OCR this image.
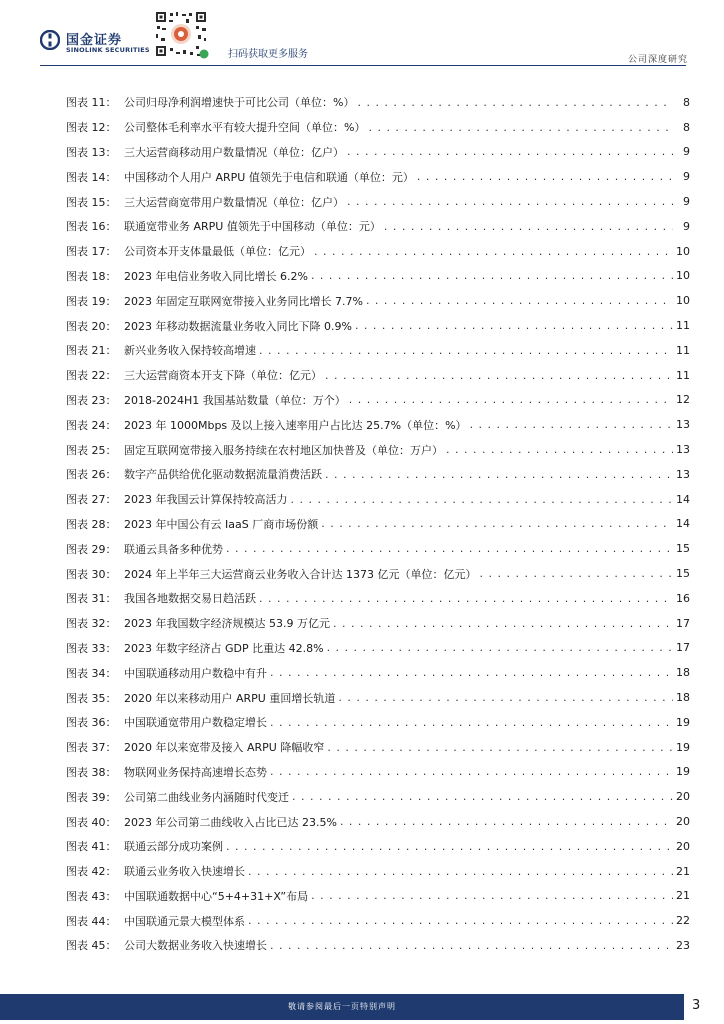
国金证券
SINOLINK SECURITIES	扫码获取更多服务	公司深度研究
图表 11： 公司归母净利润增速快于可比公司（单位：%） . . .	8
图表 12： 公司整体毛利率水平有较大提升空间（单位：%） . . .	8
图表 13： 三大运营商移动用户数量情况（单位：亿户） . . .	9
图表 14： 中国移动个人用户 ARPU 值领先于电信和联通（单位：元） . . .	9
图表 15： 三大运营商宽带用户数量情况（单位：亿户） . . .	9
图表 16： 联通宽带业务 ARPU 值领先于中国移动（单位：元） . . .	9
图表 17： 公司资本开支体量最低（单位：亿元） . . .	10
图表 18： 2023 年电信业务收入同比增长 6.2% . . .	10
图表 19： 2023 年固定互联网宽带接入业务同比增长 7.7% . . .	10
图表 20： 2023 年移动数据流量业务收入同比下降 0.9% . . .	11
图表 21： 新兴业务收入保持较高增速 . . .	11
图表 22： 三大运营商资本开支下降（单位：亿元） . . .	11
图表 23： 2018-2024H1 我国基站数量（单位：万个） . . .	12
图表 24： 2023 年 1000Mbps 及以上接入速率用户占比达 25.7%（单位：%） . . .	13
图表 25： 固定互联网宽带接入服务持续在农村地区加快普及（单位：万户） . . .	13
图表 26： 数字产品供给优化驱动数据流量消费活跃 . . .	13
图表 27： 2023 年我国云计算保持较高活力 . . .	14
图表 28： 2023 年中国公有云 IaaS 厂商市场份额 . . .	14
图表 29： 联通云具备多种优势 . . .	15
图表 30： 2024 年上半年三大运营商云业务收入合计达 1373 亿元（单位：亿元） . . .	15
图表 31： 我国各地数据交易日趋活跃 . . .	16
图表 32： 2023 年我国数字经济规模达 53.9 万亿元 . . .	17
图表 33： 2023 年数字经济占 GDP 比重达 42.8% . . .	17
图表 34： 中国联通移动用户数稳中有升 . . .	18
图表 35： 2020 年以来移动用户 ARPU 重回增长轨道 . . .	18
图表 36： 中国联通宽带用户数稳定增长 . . .	19
图表 37： 2020 年以来宽带及接入 ARPU 降幅收窄 . . .	19
图表 38： 物联网业务保持高速增长态势 . . .	19
图表 39： 公司第二曲线业务内涵随时代变迁 . . .	20
图表 40： 2023 年公司第二曲线收入占比已达 23.5% . . .	20
图表 41： 联通云部分成功案例 . . .	20
图表 42： 联通云业务收入快速增长 . . .	21
图表 43： 中国联通数据中心“5+4+31+X”布局 . . .	21
图表 44： 中国联通元景大模型体系 . . .	22
图表 45： 公司大数据业务收入快速增长 . . .	23
敬请参阅最后一页特别声明	3
